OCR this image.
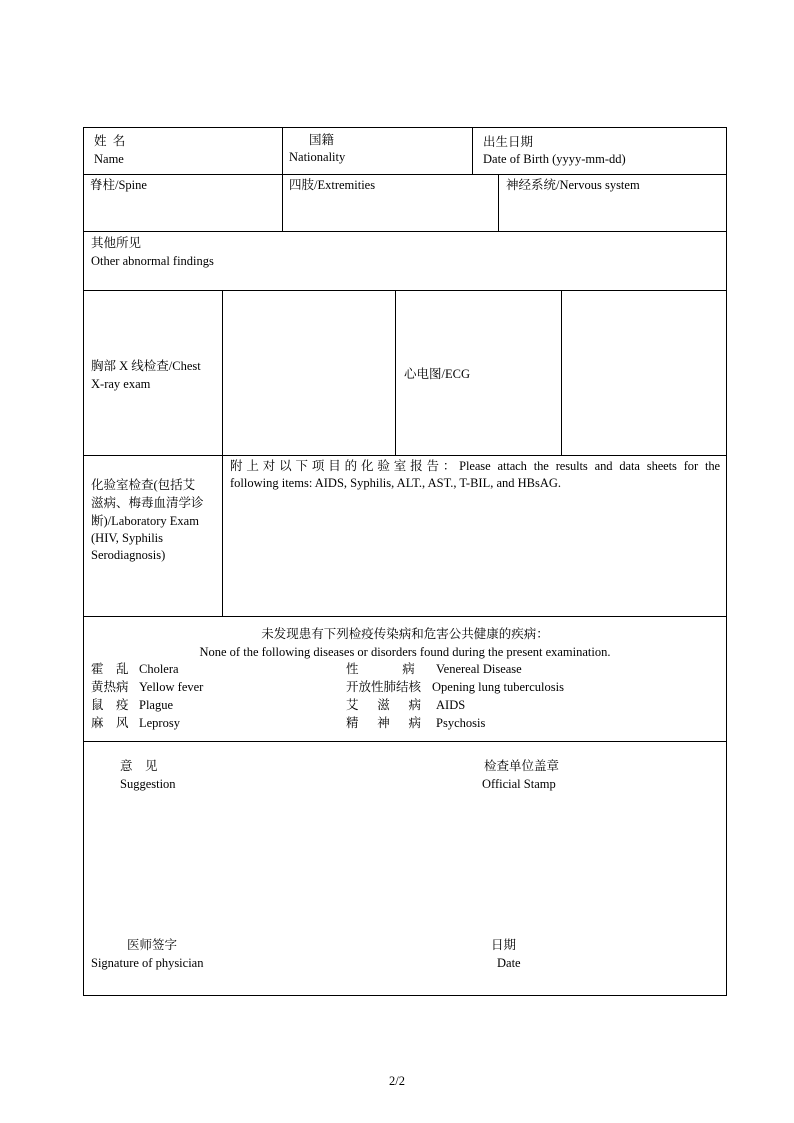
姓  名
Name
国籍
Nationality
出生日期
Date of Birth (yyyy-mm-dd)
脊柱/Spine	四肢/Extremities	神经系统/Nervous system
其他所见
Other abnormal findings
胸部 X 线检查/Chest
X-ray exam
心电图/ECG
化验室检查(包括艾
滋病、梅毒血清学诊
断)/Laboratory Exam
(HIV, Syphilis
Serodiagnosis)
附上对以下项目的化验室报告：Please attach the results and data sheets for the
following items: AIDS, Syphilis, ALT., AST., T-BIL, and HBsAG.
未发现患有下列检疫传染病和危害公共健康的疾病：
None of the following diseases or disorders found during the present examination.
霍    乱 Cholera
黄热病 Yellow fever
鼠    疫 Plague
麻    风 Leprosy
性              病 Venereal Disease
开放性肺结核 Opening lung tuberculosis
艾      滋      病 AIDS
精      神      病 Psychosis
意    见
Suggestion
检查单位盖章
Official Stamp
医师签字
Signature of physician
日期
Date
2/2
